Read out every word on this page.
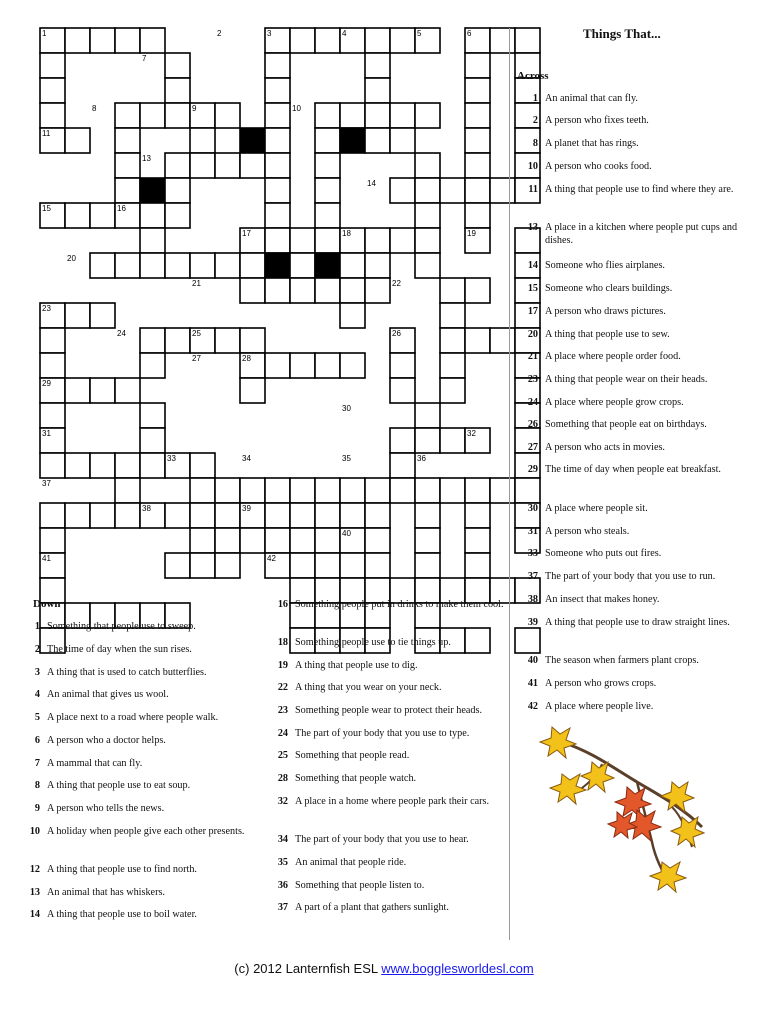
1	2	3	4	5	6
7
8	9	10
11	12
13
14
15	16
17	18	19
20
21	22
23
24	25	26
27	28
29
30
31	32
33	34	35	36
37
38	39
40
41	42
Things That...
Across
1 An animal that can fly.
2 A person who fixes teeth.
8 A planet that has rings.
10 A person who cooks food.
11 A thing that people use to find where they are.
13 A place in a kitchen where people put cups and dishes.
14 Someone who flies airplanes.
15 Someone who clears buildings.
17 A person who draws pictures.
20 A thing that people use to sew.
21 A place where people order food.
23 A thing that people wear on their heads.
24 A place where people grow crops.
26 Something that people eat on birthdays.
27 A person who acts in movies.
29 The time of day when people eat breakfast.
30 A place where people sit.
31 A person who steals.
33 Someone who puts out fires.
37 The part of your body that you use to run.
38 An insect that makes honey.
39 A thing that people use to draw straight lines.
40 The season when farmers plant crops.
41 A person who grows crops.
42 A place where people live.
Down
1 Something that people use to sweep.
2 The time of day when the sun rises.
3 A thing that is used to catch butterflies.
4 An animal that gives us wool.
5 A place next to a road where people walk.
6 A person who a doctor helps.
7 A mammal that can fly.
8 A thing that people use to eat soup.
9 A person who tells the news.
10 A holiday when people give each other presents.
12 A thing that people use to find north.
13 An animal that has whiskers.
14 A thing that people use to boil water.
16 Something people put in drinks to make them cool.
18 Something people use to tie things up.
19 A thing that people use to dig.
22 A thing that you wear on your neck.
23 Something people wear to protect their heads.
24 The part of your body that you use to type.
25 Something that people read.
28 Something that people watch.
32 A place in a home where people park their cars.
34 The part of your body that you use to hear.
35 An animal that people ride.
36 Something that people listen to.
37 A part of a plant that gathers sunlight.
(c) 2012 Lanternfish ESL www.bogglesworldesl.com
